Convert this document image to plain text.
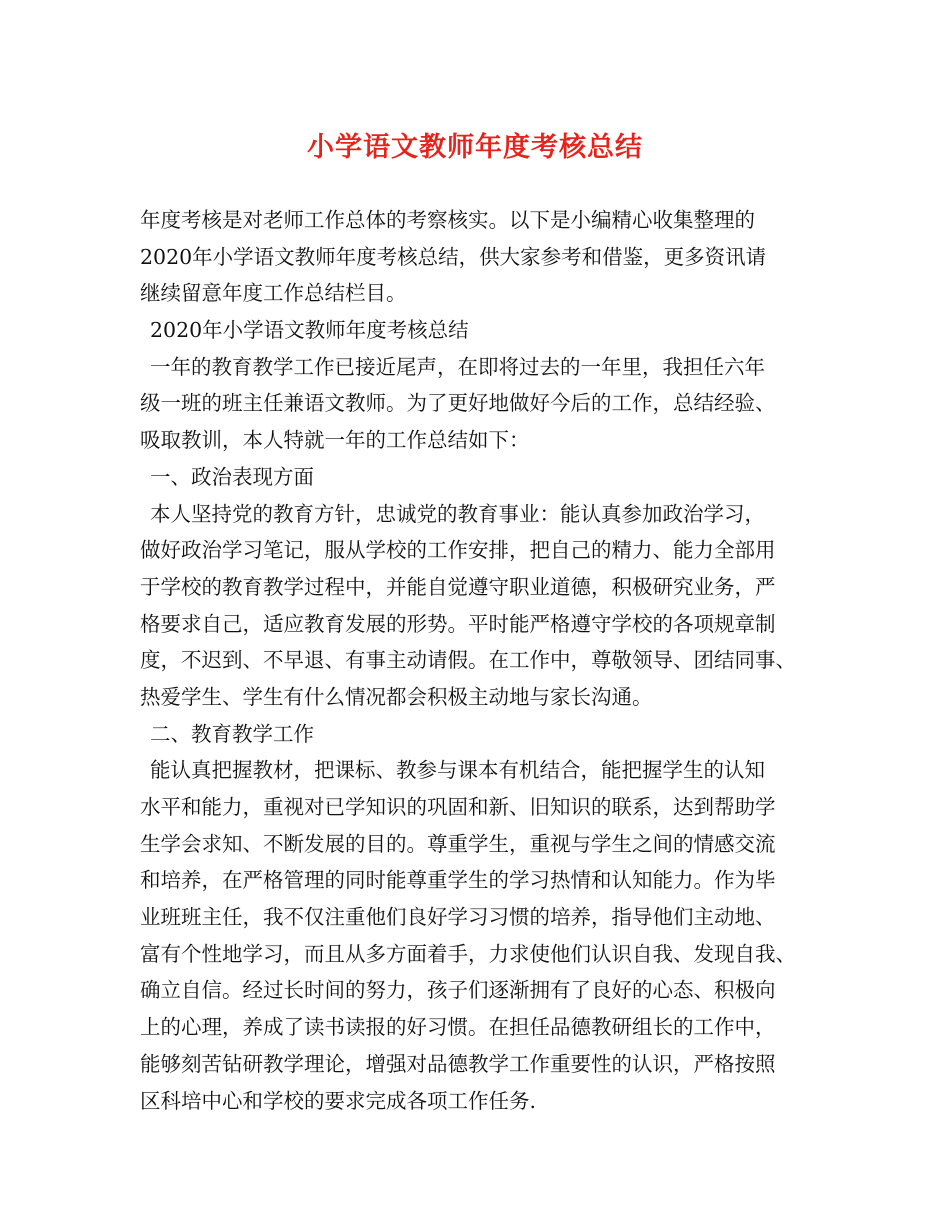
小学语文教师年度考核总结
年度考核是对老师工作总体的考察核实。以下是小编精心收集整理的
2020年小学语文教师年度考核总结，供大家参考和借鉴，更多资讯请
继续留意年度工作总结栏目。
2020年小学语文教师年度考核总结
一年的教育教学工作已接近尾声，在即将过去的一年里，我担任六年
级一班的班主任兼语文教师。为了更好地做好今后的工作，总结经验、
吸取教训，本人特就一年的工作总结如下：
一、政治表现方面
本人坚持党的教育方针，忠诚党的教育事业：能认真参加政治学习，
做好政治学习笔记，服从学校的工作安排，把自己的精力、能力全部用
于学校的教育教学过程中，并能自觉遵守职业道德，积极研究业务，严
格要求自己，适应教育发展的形势。平时能严格遵守学校的各项规章制
度，不迟到、不早退、有事主动请假。在工作中，尊敬领导、团结同事、
热爱学生、学生有什么情况都会积极主动地与家长沟通。
二、教育教学工作
能认真把握教材，把课标、教参与课本有机结合，能把握学生的认知
水平和能力，重视对已学知识的巩固和新、旧知识的联系，达到帮助学
生学会求知、不断发展的目的。尊重学生，重视与学生之间的情感交流
和培养，在严格管理的同时能尊重学生的学习热情和认知能力。作为毕
业班班主任，我不仅注重他们良好学习习惯的培养，指导他们主动地、
富有个性地学习，而且从多方面着手，力求使他们认识自我、发现自我、
确立自信。经过长时间的努力，孩子们逐渐拥有了良好的心态、积极向
上的心理，养成了读书读报的好习惯。在担任品德教研组长的工作中，
能够刻苦钻研教学理论，增强对品德教学工作重要性的认识，严格按照
区科培中心和学校的要求完成各项工作任务.
